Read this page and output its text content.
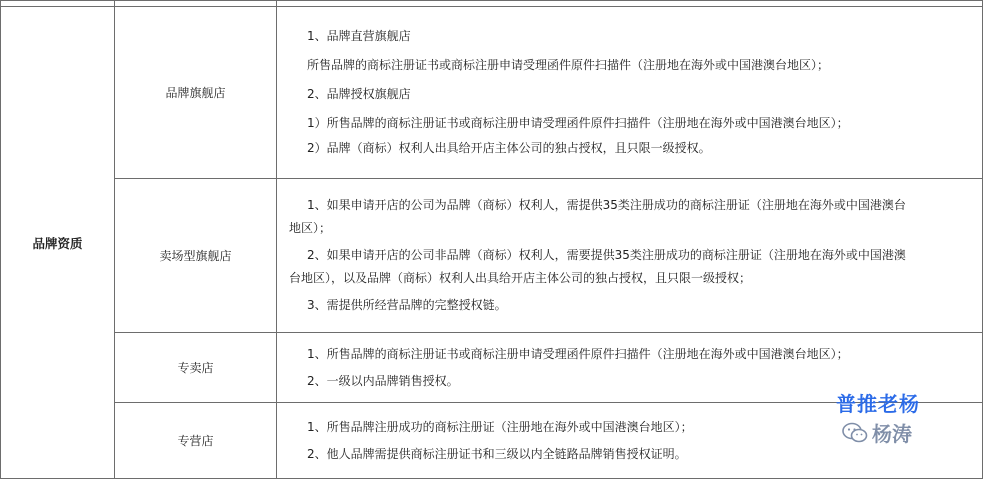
品牌资质	品牌旗舰店	1、品牌直营旗舰店
所售品牌的商标注册证书或商标注册申请受理函件原件扫描件（注册地在海外或中国港澳台地区）；
2、品牌授权旗舰店
1）所售品牌的商标注册证书或商标注册申请受理函件原件扫描件（注册地在海外或中国港澳台地区）；
2）品牌（商标）权利人出具给开店主体公司的独占授权，且只限一级授权。

	卖场型旗舰店	1、如果申请开店的公司为品牌（商标）权利人，需提供35类注册成功的商标注册证（注册地在海外或中国港澳台
地区）；
2、如果申请开店的公司非品牌（商标）权利人，需要提供35类注册成功的商标注册证（注册地在海外或中国港澳
台地区），以及品牌（商标）权利人出具给开店主体公司的独占授权，且只限一级授权；
3、需提供所经营品牌的完整授权链。

	专卖店	1、所售品牌的商标注册证书或商标注册申请受理函件原件扫描件（注册地在海外或中国港澳台地区）；
2、一级以内品牌销售授权。

	专营店	1、所售品牌注册成功的商标注册证（注册地在海外或中国港澳台地区）；
2、他人品牌需提供商标注册证书和三级以内全链路品牌销售授权证明。
普推老杨
杨涛
